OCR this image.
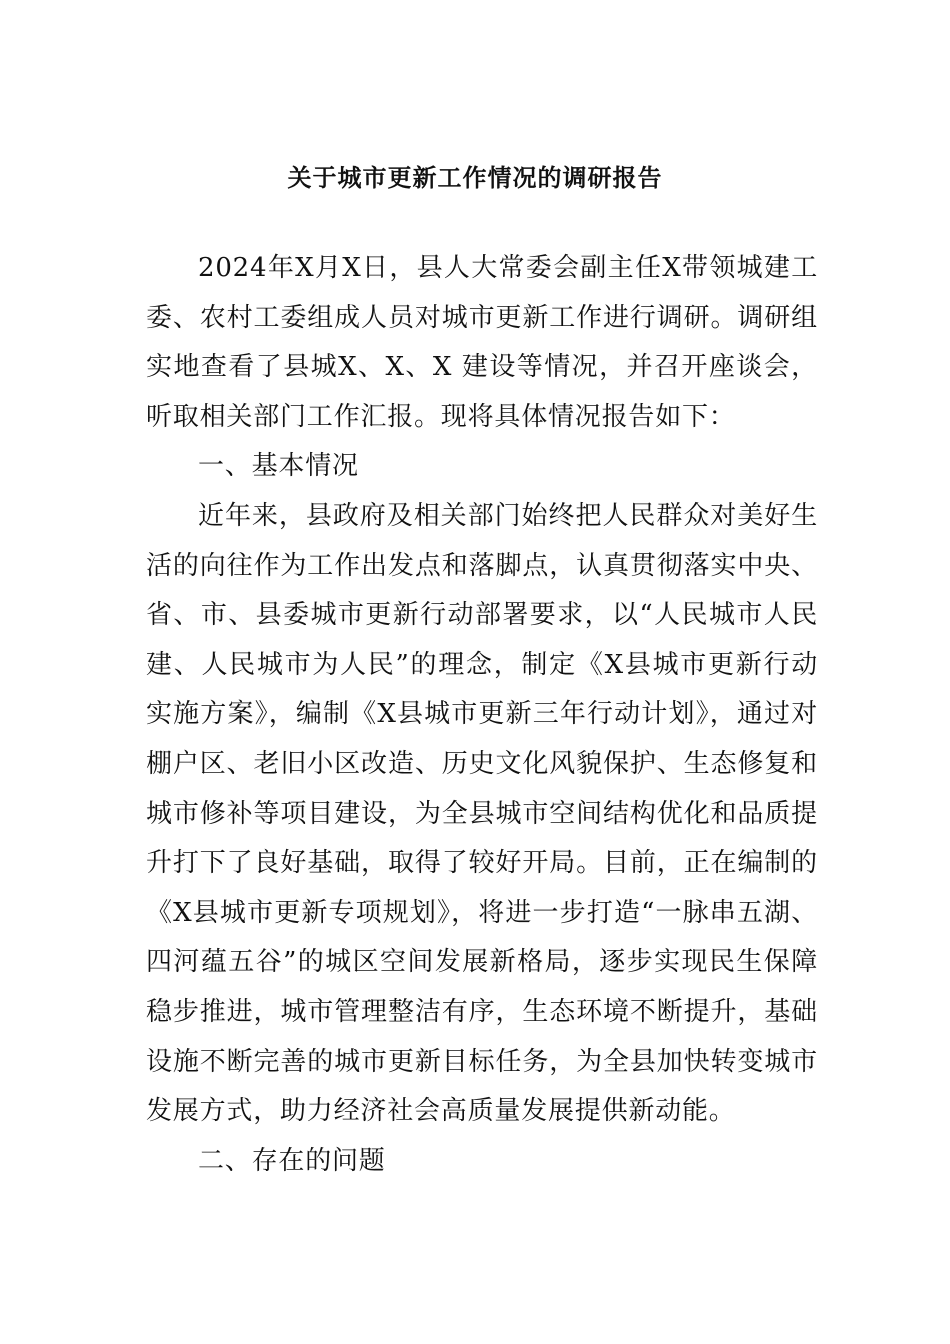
关于城市更新工作情况的调研报告

2024年X月X日，县人大常委会副主任X带领城建工委、农村工委组成人员对城市更新工作进行调研。调研组实地查看了县城X、X、X 建设等情况，并召开座谈会，听取相关部门工作汇报。现将具体情况报告如下：

一、基本情况

近年来，县政府及相关部门始终把人民群众对美好生活的向往作为工作出发点和落脚点，认真贯彻落实中央、省、市、县委城市更新行动部署要求，以“人民城市人民建、人民城市为人民”的理念，制定《X县城市更新行动实施方案》，编制《X县城市更新三年行动计划》，通过对棚户区、老旧小区改造、历史文化风貌保护、生态修复和城市修补等项目建设，为全县城市空间结构优化和品质提升打下了良好基础，取得了较好开局。目前，正在编制的《X县城市更新专项规划》，将进一步打造“一脉串五湖、四河蕴五谷”的城区空间发展新格局，逐步实现民生保障稳步推进，城市管理整洁有序，生态环境不断提升，基础设施不断完善的城市更新目标任务，为全县加快转变城市发展方式，助力经济社会高质量发展提供新动能。

二、存在的问题
